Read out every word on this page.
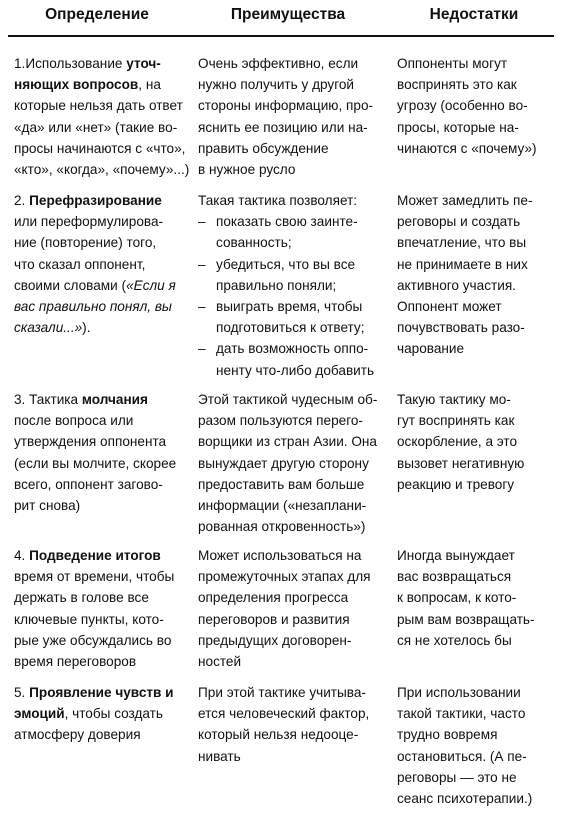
Определение	Преимущества	Недостатки
1.Использование уточ-
няющих вопросов, на
которые нельзя дать ответ
«да» или «нет» (такие во-
просы начинаются с «что»,
«кто», «когда», «почему»...)
Очень эффективно, если
нужно получить у другой
стороны информацию, про-
яснить ее позицию или на-
править обсуждение
в нужное русло
Оппоненты могут
воспринять это как
угрозу (особенно во-
просы, которые на-
чинаются с «почему»)
2. Перефразирование
или переформулирова-
ние (повторение) того,
что сказал оппонент,
своими словами («Если я
вас правильно понял, вы
сказали...»).
Такая тактика позволяет:
– показать свою заинте-
сованность;
– убедиться, что вы все
правильно поняли;
– выиграть время, чтобы
подготовиться к ответу;
– дать возможность оппо-
ненту что-либо добавить
Может замедлить пе-
реговоры и создать
впечатление, что вы
не принимаете в них
активного участия.
Оппонент может
почувствовать разо-
чарование
3. Тактика молчания
после вопроса или
утверждения оппонента
(если вы молчите, скорее
всего, оппонент загово-
рит снова)
Этой тактикой чудесным об-
разом пользуются перего-
ворщики из стран Азии. Она
вынуждает другую сторону
предоставить вам больше
информации («незаплани-
рованная откровенность»)
Такую тактику мо-
гут воспринять как
оскорбление, а это
вызовет негативную
реакцию и тревогу
4. Подведение итогов
время от времени, чтобы
держать в голове все
ключевые пункты, кото-
рые уже обсуждались во
время переговоров
Может использоваться на
промежуточных этапах для
определения прогресса
переговоров и развития
предыдущих договорен-
ностей
Иногда вынуждает
вас возвращаться
к вопросам, к кото-
рым вам возвращать-
ся не хотелось бы
5. Проявление чувств и
эмоций, чтобы создать
атмосферу доверия
При этой тактике учитыва-
ется человеческий фактор,
который нельзя недооце-
нивать
При использовании
такой тактики, часто
трудно вовремя
остановиться. (А пе-
реговоры — это не
сеанс психотерапии.)
